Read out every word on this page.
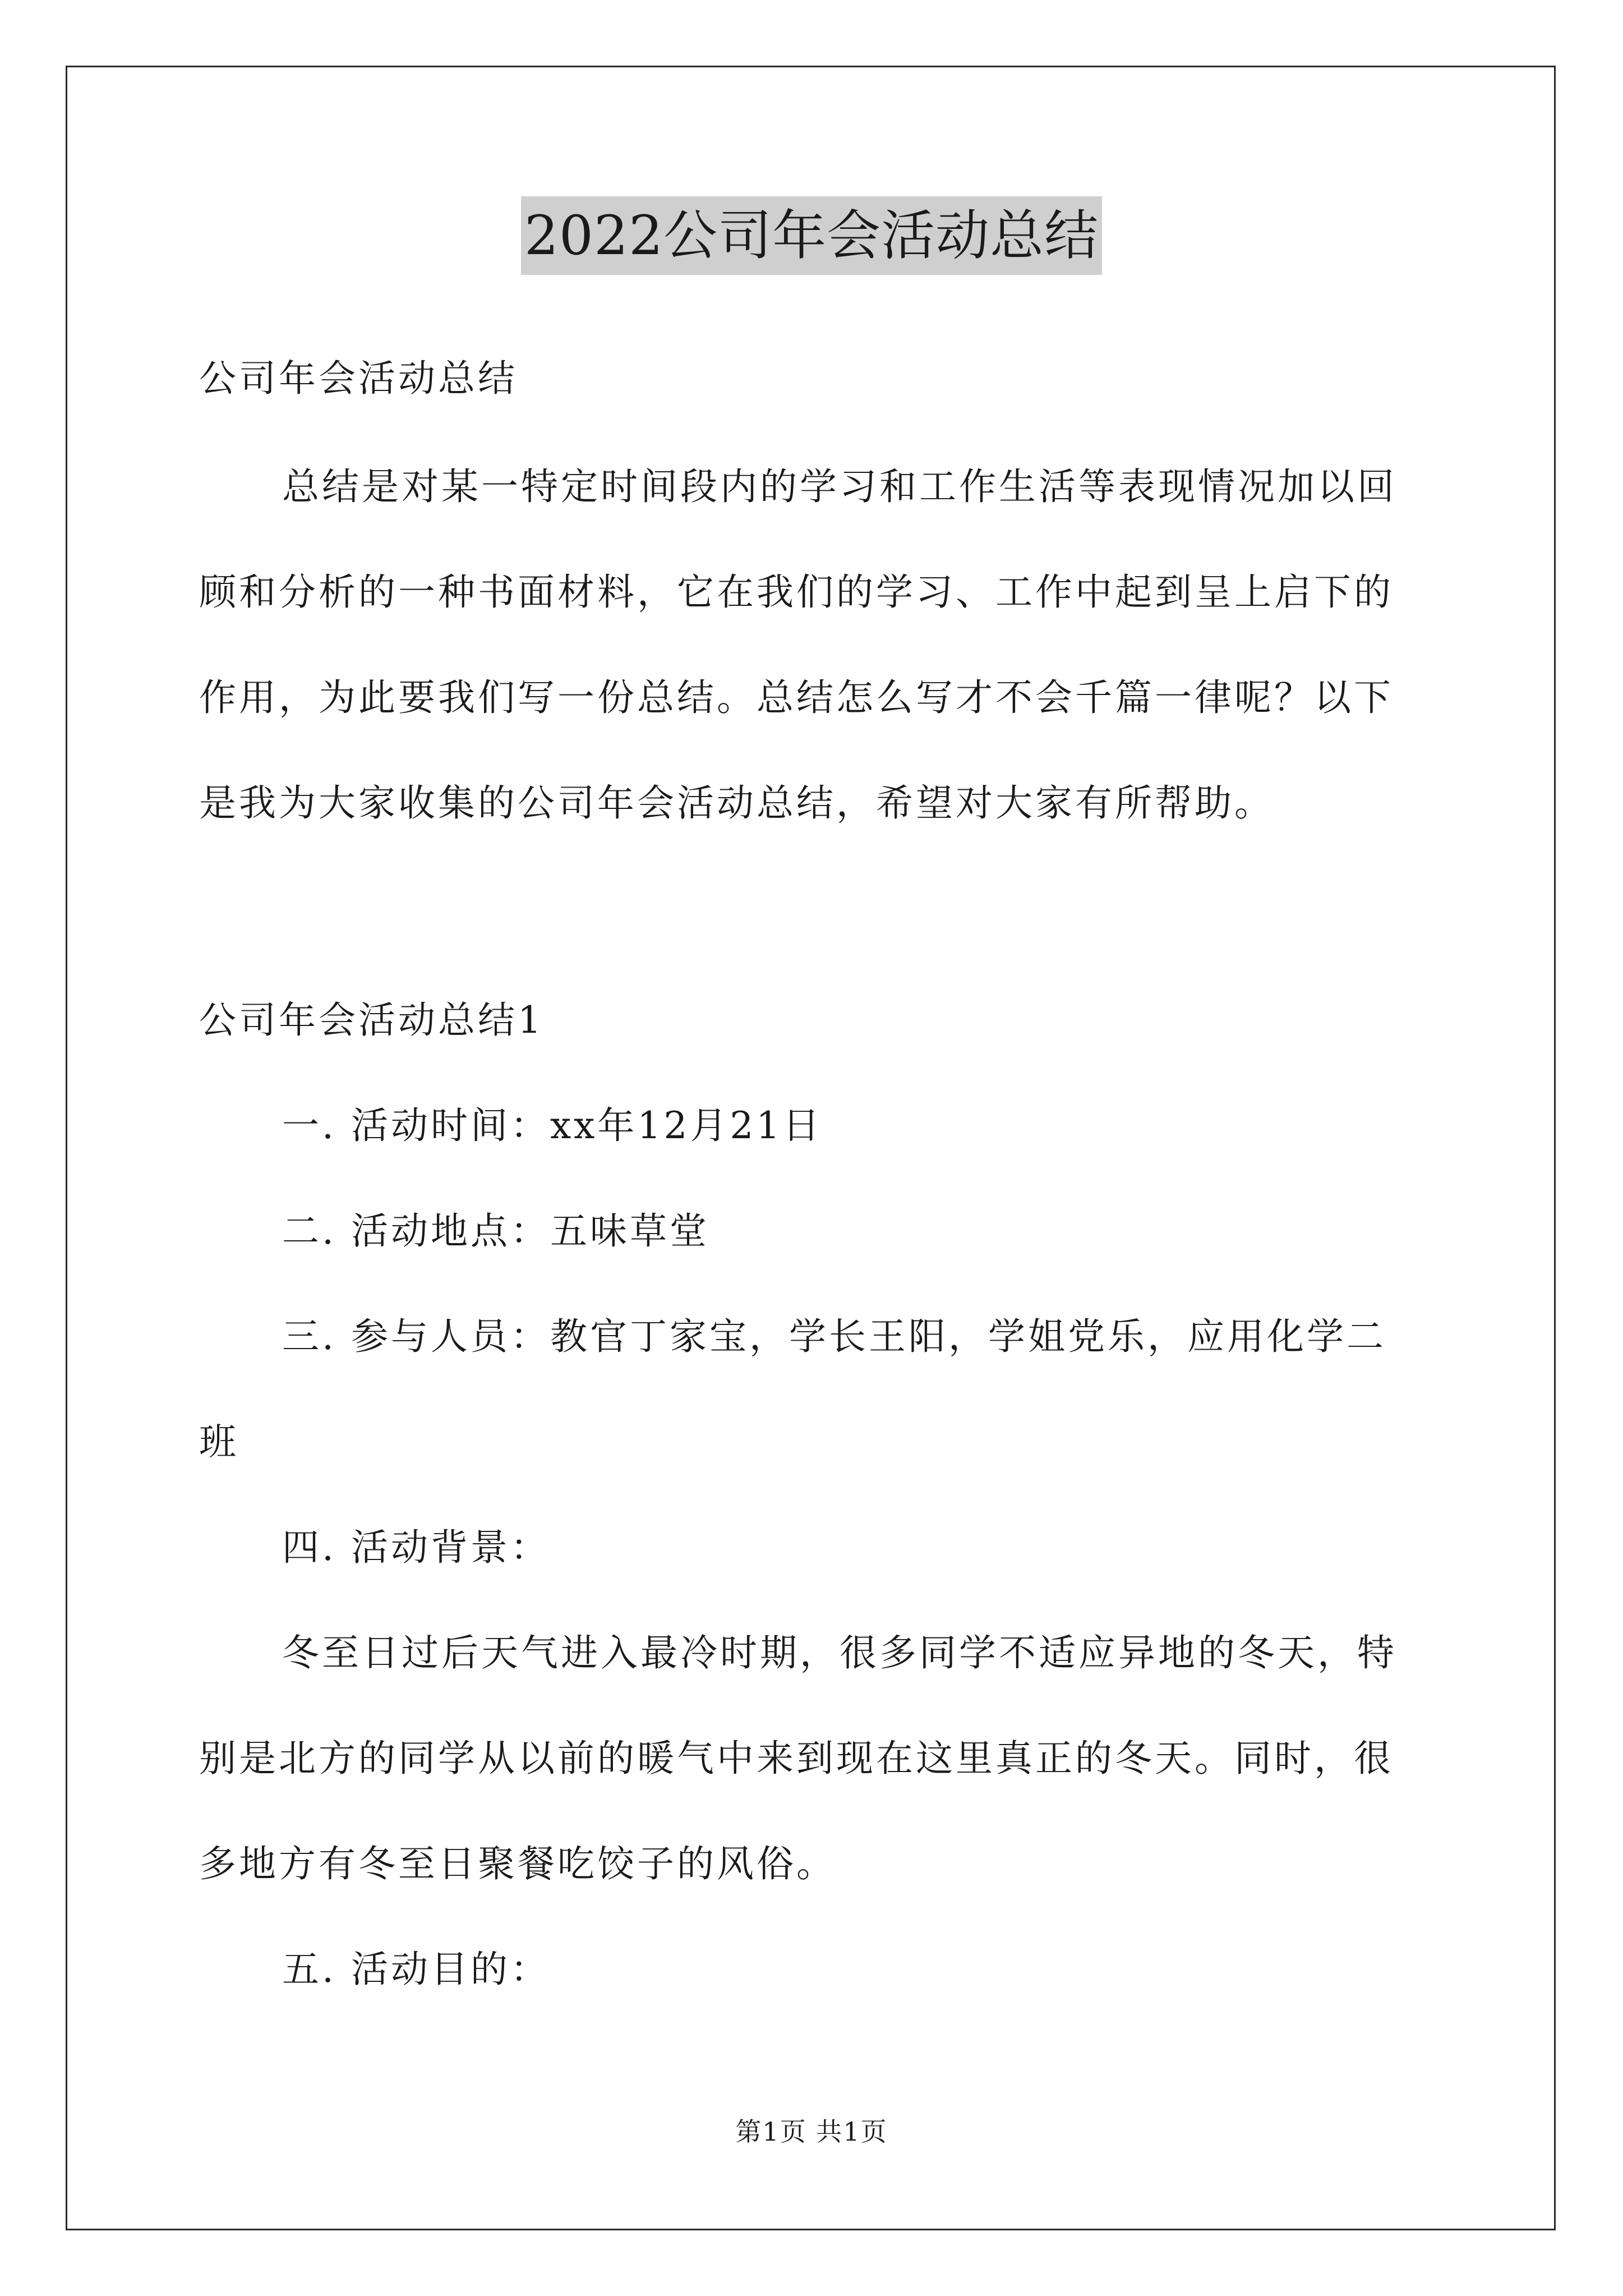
2022公司年会活动总结
公司年会活动总结
总结是对某一特定时间段内的学习和工作生活等表现情况加以回
顾和分析的一种书面材料，它在我们的学习、工作中起到呈上启下的
作用，为此要我们写一份总结。总结怎么写才不会千篇一律呢？以下
是我为大家收集的公司年会活动总结，希望对大家有所帮助。
公司年会活动总结1
一. 活动时间：xx年12月21日
二. 活动地点：五味草堂
三. 参与人员：教官丁家宝，学长王阳，学姐党乐，应用化学二
班
四. 活动背景：
冬至日过后天气进入最冷时期，很多同学不适应异地的冬天，特
别是北方的同学从以前的暖气中来到现在这里真正的冬天。同时，很
多地方有冬至日聚餐吃饺子的风俗。
五. 活动目的：
第1页 共1页
